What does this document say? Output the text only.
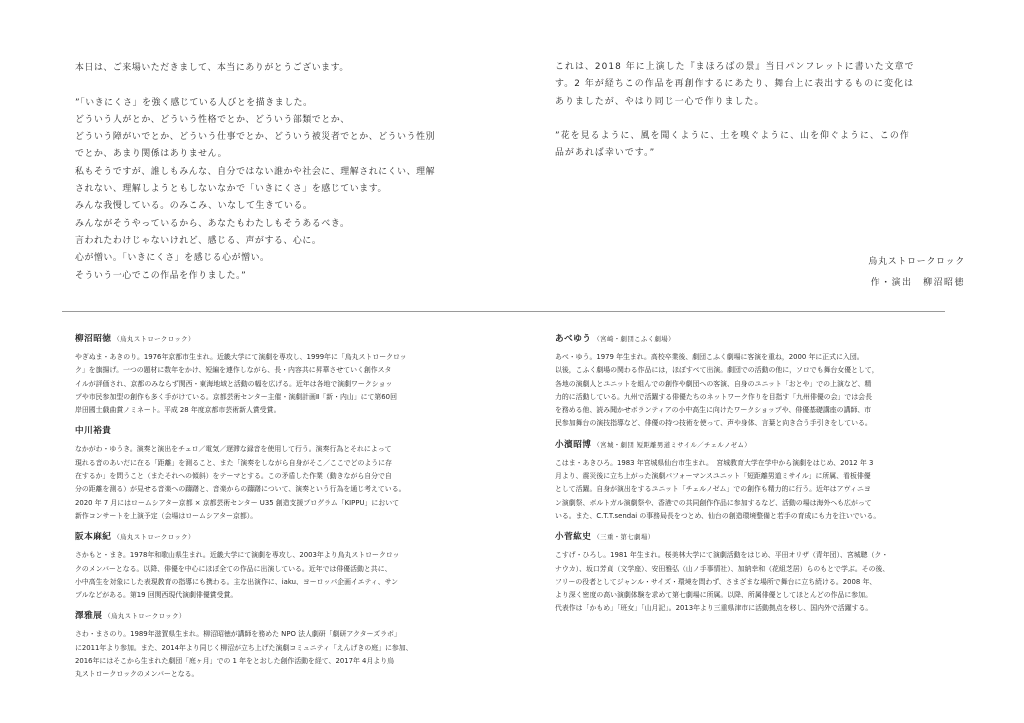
本日は、ご来場いただきまして、本当にありがとうございます。

”「いきにくさ」を強く感じている人びとを描きました。

どういう人がとか、どういう性格でとか、どういう部類でとか、

どういう障がいでとか、どういう仕事でとか、どういう被災者でとか、どういう性別

でとか、あまり関係はありません。

私もそうですが、誰しもみんな、自分ではない誰かや社会に、理解されにくい、理解

されない、理解しようともしないなかで「いきにくさ」を感じています。

みんな我慢している。のみこみ、いなして生きている。

みんながそうやっているから、あなたもわたしもそうあるべき。

言われたわけじゃないけれど、感じる、声がする、心に。

心が憎い。「いきにくさ」を感じる心が憎い。

そういう一心でこの作品を作りました。”

これは、2018 年に上演した『まほろばの景』当日パンフレットに書いた文章で

す。2 年が経ちこの作品を再創作するにあたり、舞台上に表出するものに変化は

ありましたが、やはり同じ一心で作りました。

”花を見るように、風を聞くように、土を嗅ぐように、山を仰ぐように、この作

品があれば幸いです。”

烏丸ストロークロック
作・演出　柳沼昭徳
柳沼昭徳 （烏丸ストロークロック）
やぎぬま・あきのり。1976年京都市生まれ。近畿大学にて演劇を専攻し、1999年に「烏丸ストロークロッ
ク」を旗揚げ。一つの題材に数年をかけ、短編を連作しながら、長・内容共に昇華させていく創作スタ
イルが評価され、京都のみならず関西・東海地域と活動の幅を広げる。近年は各地で演劇ワークショッ
プや市民参加型の創作も多く手がけている。京都芸術センター主催・演劇計画Ⅱ「新・内山」にて第60回
岸田國士戯曲賞ノミネート。平成 28 年度京都市芸術新人賞受賞。
中川裕貴
なかがわ・ゆうき。演奏と演出をチェロ／電気／遅滞な録音を使用して行う。演奏行為とそれによって
現れる音のあいだに在る「距離」を測ること、また「演奏をしながら自身がそこ／ここでどのように存
在するか」を問うこと（またそれへの傾斜）をテーマとする。この矛盾した作業（動きながら自分で自
分の距離を測る）が見せる音楽への躊躇と、音楽からの躊躇について、演奏という行為を通じ考えている。
2020 年 7 月にはロームシアター京都 × 京都芸術センター U35 創造支援プログラム「KIPPU」において
新作コンサートを上演予定（会場はロームシアター京都）。
阪本麻紀 （烏丸ストロークロック）
さかもと・まき。1978年和歌山県生まれ。近畿大学にて演劇を専攻し、2003年より烏丸ストロークロッ
クのメンバーとなる。以降、俳優を中心にほぼ全ての作品に出演している。近年では俳優活動と共に、
小中高生を対象にした表現教育の指導にも携わる。主な出演作に、iaku、ヨーロッパ企画イエティ、サン
プルなどがある。第19 回関西現代演劇俳優賞受賞。
澤雅展 （烏丸ストロークロック）
さわ・まさのり。1989年滋賀県生まれ。柳沼昭徳が講師を務めた NPO 法人劇研「劇研アクターズラボ」
に2011年より参加。また、2014年より同じく柳沼が立ち上げた演劇コミュニティ「えんげきの庭」に参加、
2016年にはそこから生まれた劇団「庭ヶ月」での 1 年をとおした創作活動を経て、2017年 4月より烏
丸ストロークロックのメンバーとなる。
あべゆう （宮崎・劇団こふく劇場）
あべ・ゆう。1979 年生まれ。高校卒業後、劇団こふく劇場に客演を重ね，2000 年に正式に入団。
以後，こふく劇場の関わる作品には，ほぼすべて出演。劇団での活動の他に，ソロでも舞台女優として，
各地の演劇人とユニットを組んでの創作や劇団への客演、自身のユニット「おとや」での上演など、精
力的に活動している。九州で活躍する俳優たちのネットワーク作りを目指す「九州俳優の会」では会長
を務める他、読み聞かせボランティアの小中高生に向けたワークショップや、俳優基礎講座の講師、市
民参加舞台の演技指導など、俳優の持つ技術を使って、声や身体、言葉と向き合う手引きをしている。
小濱昭博 （宮城・劇団 短距離男道ミサイル／チェルノゼム）
こはま・あきひろ。1983 年宮城県仙台市生まれ。　宮城教育大学在学中から演劇をはじめ、2012 年 3
月より、震災後に立ち上がった演劇パフォーマンスユニット「短距離男道ミサイル」に所属、看板俳優
として活躍。自身が演出をするユニット「チェルノゼム」での創作も精力的に行う。近年はアヴィニヨ
ン演劇祭、ボルトガル演劇祭や、香港での共同創作作品に参加するなど、活動の場は海外へも広がって
いる。また、C.T.T.sendai の事務局長をつとめ、仙台の創造環境整備と若手の育成にも力を注いでいる。
小菅紘史 （三重・第七劇場）
こすげ・ひろし。1981 年生まれ。桜美林大学にて演劇活動をはじめ、平田オリザ（青年団）、宮城聰（ク・
ナウカ）、坂口芳貞（文学座）、安田雅弘（山ノ手事情社）、加納幸和（花組芝居）らのもとで学ぶ。その後、
フリーの役者としてジャンル・サイズ・環境を問わず、さまざまな場所で舞台に立ち続ける。2008 年、
より深く密度の高い演劇体験を求めて第七劇場に所属。以降、所属俳優としてほとんどの作品に参加。
代表作は「かもめ」「班女」「山月記」。2013年より三重県津市に活動拠点を移し、国内外で活躍する。
